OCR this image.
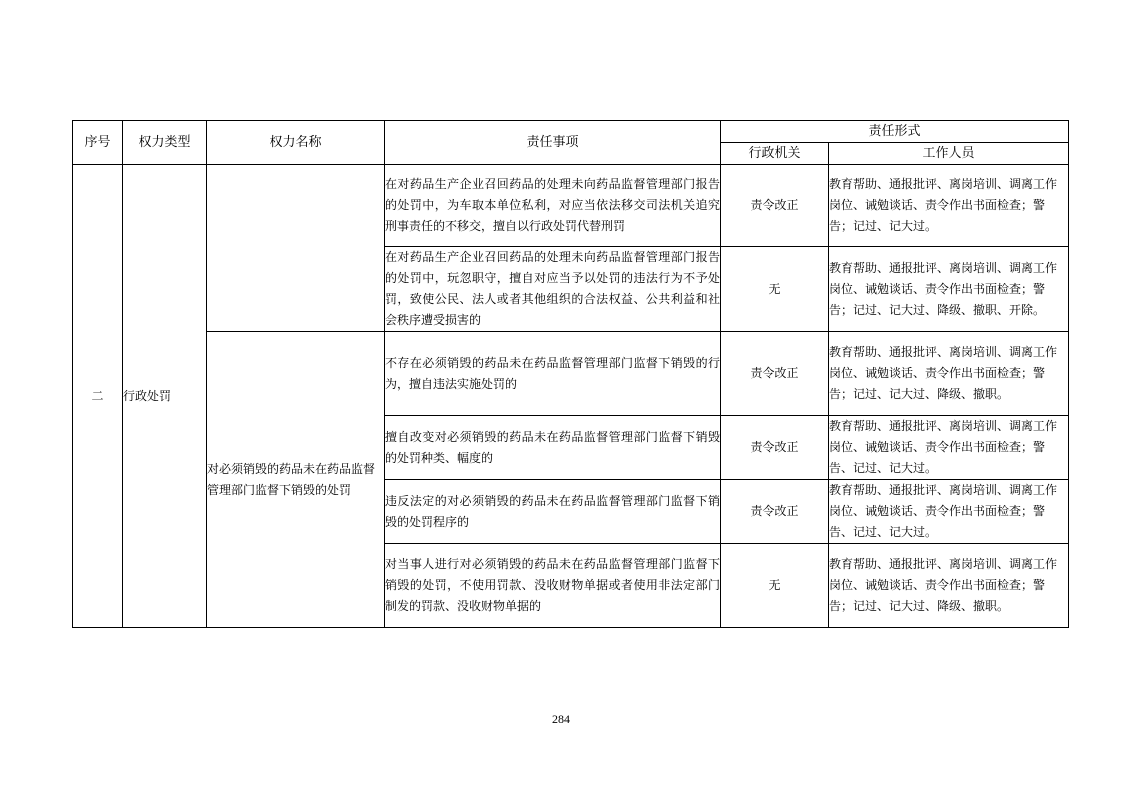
序号	权力类型	权力名称	责任事项	责任形式	
				行政机关	工作人员
二	行政处罚		在对药品生产企业召回药品的处理未向药品监督管理部门报告的处罚中，为车取本单位私利，对应当依法移交司法机关追究刑事责任的不移交，擅自以行政处罚代替刑罚	责令改正	教育帮助、通报批评、离岗培训、调离工作岗位、诫勉谈话、责令作出书面检查；警告；记过、记大过。
			在对药品生产企业召回药品的处理未向药品监督管理部门报告的处罚中，玩忽职守，擅自对应当予以处罚的违法行为不予处罚，致使公民、法人或者其他组织的合法权益、公共利益和社会秩序遭受损害的	无	教育帮助、通报批评、离岗培训、调离工作岗位、诫勉谈话、责令作出书面检查；警告；记过、记大过、降级、撤职、开除。
		对必须销毁的药品未在药品监督管理部门监督下销毁的处罚	不存在必须销毁的药品未在药品监督管理部门监督下销毁的行为，擅自违法实施处罚的	责令改正	教育帮助、通报批评、离岗培训、调离工作岗位、诫勉谈话、责令作出书面检查；警告；记过、记大过、降级、撤职。
			擅自改变对必须销毁的药品未在药品监督管理部门监督下销毁的处罚种类、幅度的	责令改正	教育帮助、通报批评、离岗培训、调离工作岗位、诫勉谈话、责令作出书面检查；警告、记过、记大过。
			违反法定的对必须销毁的药品未在药品监督管理部门监督下销毁的处罚程序的	责令改正	教育帮助、通报批评、离岗培训、调离工作岗位、诫勉谈话、责令作出书面检查；警告、记过、记大过。
			对当事人进行对必须销毁的药品未在药品监督管理部门监督下销毁的处罚，不使用罚款、没收财物单据或者使用非法定部门制发的罚款、没收财物单据的	无	教育帮助、通报批评、离岗培训、调离工作岗位、诫勉谈话、责令作出书面检查；警告；记过、记大过、降级、撤职。
284
